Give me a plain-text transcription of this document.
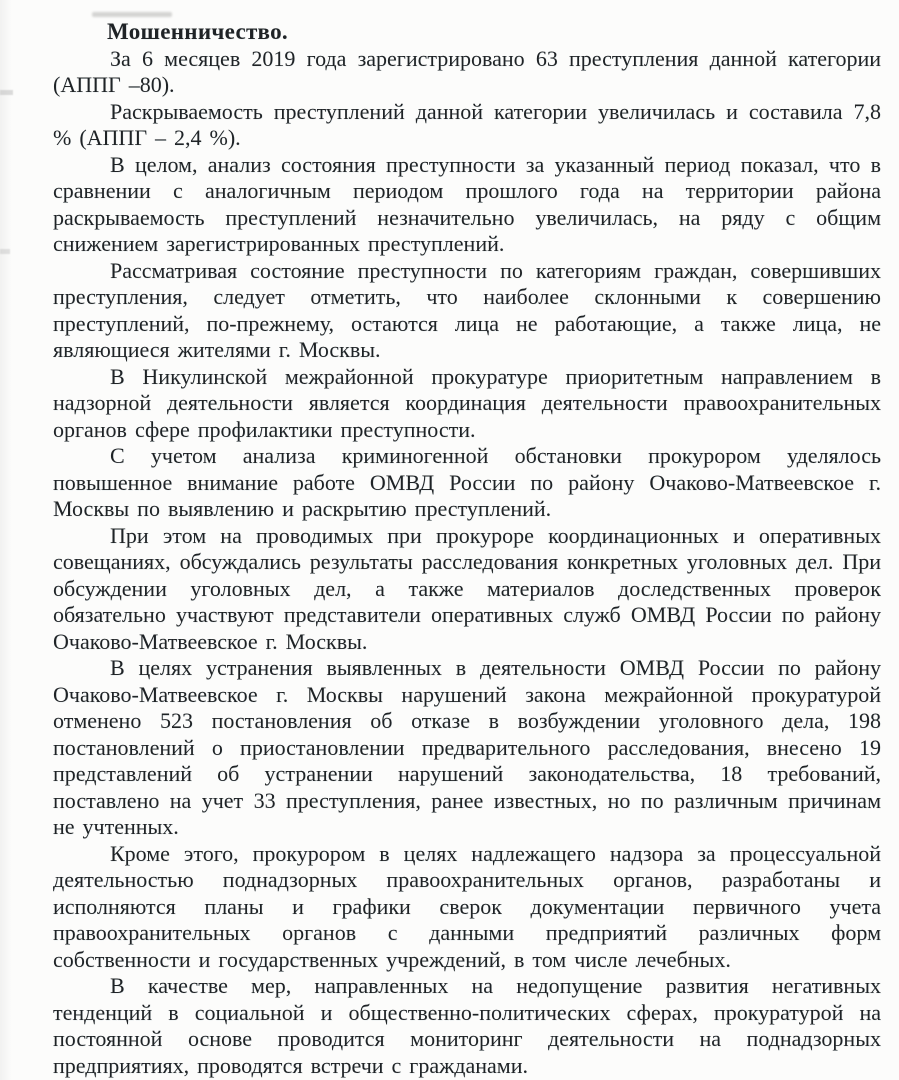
Мошенничество.

За 6 месяцев 2019 года зарегистрировано 63 преступления данной категории (АППГ –80).

Раскрываемость преступлений данной категории увеличилась и составила 7,8 % (АППГ – 2,4 %).

В целом, анализ состояния преступности за указанный период показал, что в сравнении с аналогичным периодом прошлого года на территории района раскрываемость преступлений незначительно увеличилась, на ряду с общим снижением зарегистрированных преступлений.

Рассматривая состояние преступности по категориям граждан, совершивших преступления, следует отметить, что наиболее склонными к совершению преступлений, по-прежнему, остаются лица не работающие, а также лица, не являющиеся жителями г. Москвы.

В Никулинской межрайонной прокуратуре приоритетным направлением в надзорной деятельности является координация деятельности правоохранительных органов сфере профилактики преступности.

С учетом анализа криминогенной обстановки прокурором уделялось повышенное внимание работе ОМВД России по району Очаково-Матвеевское г. Москвы по выявлению и раскрытию преступлений.

При этом на проводимых при прокуроре координационных и оперативных совещаниях, обсуждались результаты расследования конкретных уголовных дел. При обсуждении уголовных дел, а также материалов доследственных проверок обязательно участвуют представители оперативных служб ОМВД России по району Очаково-Матвеевское г. Москвы.

В целях устранения выявленных в деятельности ОМВД России по району Очаково-Матвеевское г. Москвы нарушений закона межрайонной прокуратурой отменено 523 постановления об отказе в возбуждении уголовного дела, 198 постановлений о приостановлении предварительного расследования, внесено 19 представлений об устранении нарушений законодательства, 18 требований, поставлено на учет 33 преступления, ранее известных, но по различным причинам не учтенных.

Кроме этого, прокурором в целях надлежащего надзора за процессуальной деятельностью поднадзорных правоохранительных органов, разработаны и исполняются планы и графики сверок документации первичного учета правоохранительных органов с данными предприятий различных форм собственности и государственных учреждений, в том числе лечебных.

В качестве мер, направленных на недопущение развития негативных тенденций в социальной и общественно-политических сферах, прокуратурой на постоянной основе проводится мониторинг деятельности на поднадзорных предприятиях, проводятся встречи с гражданами.
